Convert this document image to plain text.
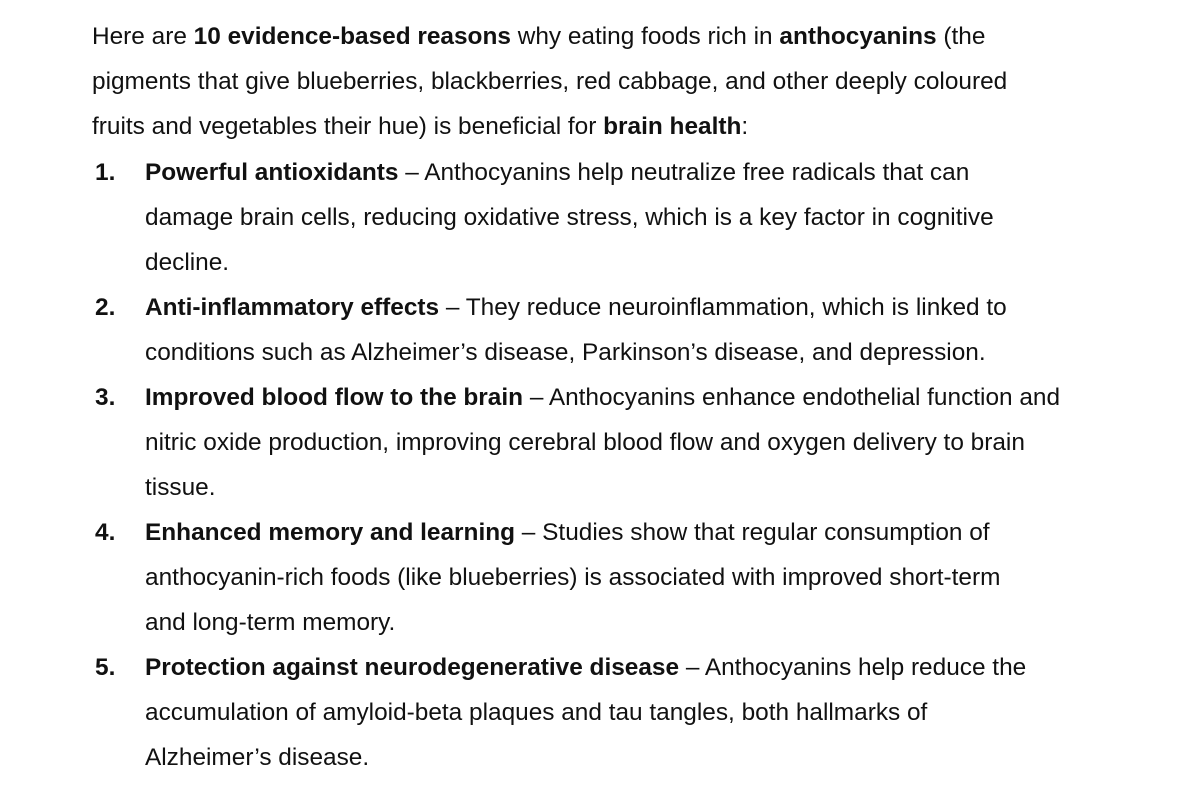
Here are 10 evidence-based reasons why eating foods rich in anthocyanins (the
pigments that give blueberries, blackberries, red cabbage, and other deeply coloured
fruits and vegetables their hue) is beneficial for brain health:

1. Powerful antioxidants – Anthocyanins help neutralize free radicals that can
damage brain cells, reducing oxidative stress, which is a key factor in cognitive
decline.
2. Anti-inflammatory effects – They reduce neuroinflammation, which is linked to
conditions such as Alzheimer’s disease, Parkinson’s disease, and depression.
3. Improved blood flow to the brain – Anthocyanins enhance endothelial function and
nitric oxide production, improving cerebral blood flow and oxygen delivery to brain
tissue.
4. Enhanced memory and learning – Studies show that regular consumption of
anthocyanin-rich foods (like blueberries) is associated with improved short-term
and long-term memory.
5. Protection against neurodegenerative disease – Anthocyanins help reduce the
accumulation of amyloid-beta plaques and tau tangles, both hallmarks of
Alzheimer’s disease.
